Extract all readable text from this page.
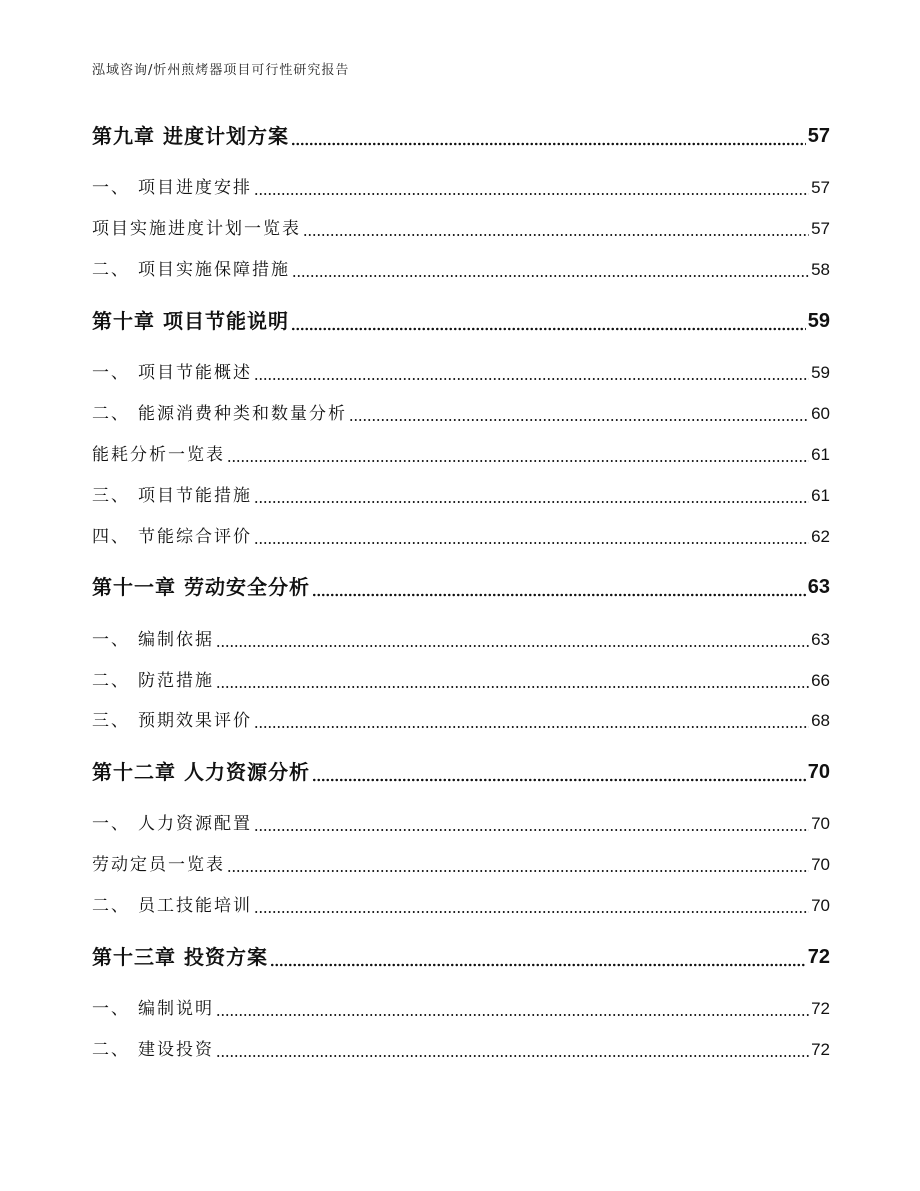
泓域咨询/忻州煎烤器项目可行性研究报告
第九章 进度计划方案	57
一、 项目进度安排	57
项目实施进度计划一览表	57
二、 项目实施保障措施	58
第十章 项目节能说明	59
一、 项目节能概述	59
二、 能源消费种类和数量分析	60
能耗分析一览表	61
三、 项目节能措施	61
四、 节能综合评价	62
第十一章 劳动安全分析	63
一、 编制依据	63
二、 防范措施	66
三、 预期效果评价	68
第十二章 人力资源分析	70
一、 人力资源配置	70
劳动定员一览表	70
二、 员工技能培训	70
第十三章 投资方案	72
一、 编制说明	72
二、 建设投资	72
